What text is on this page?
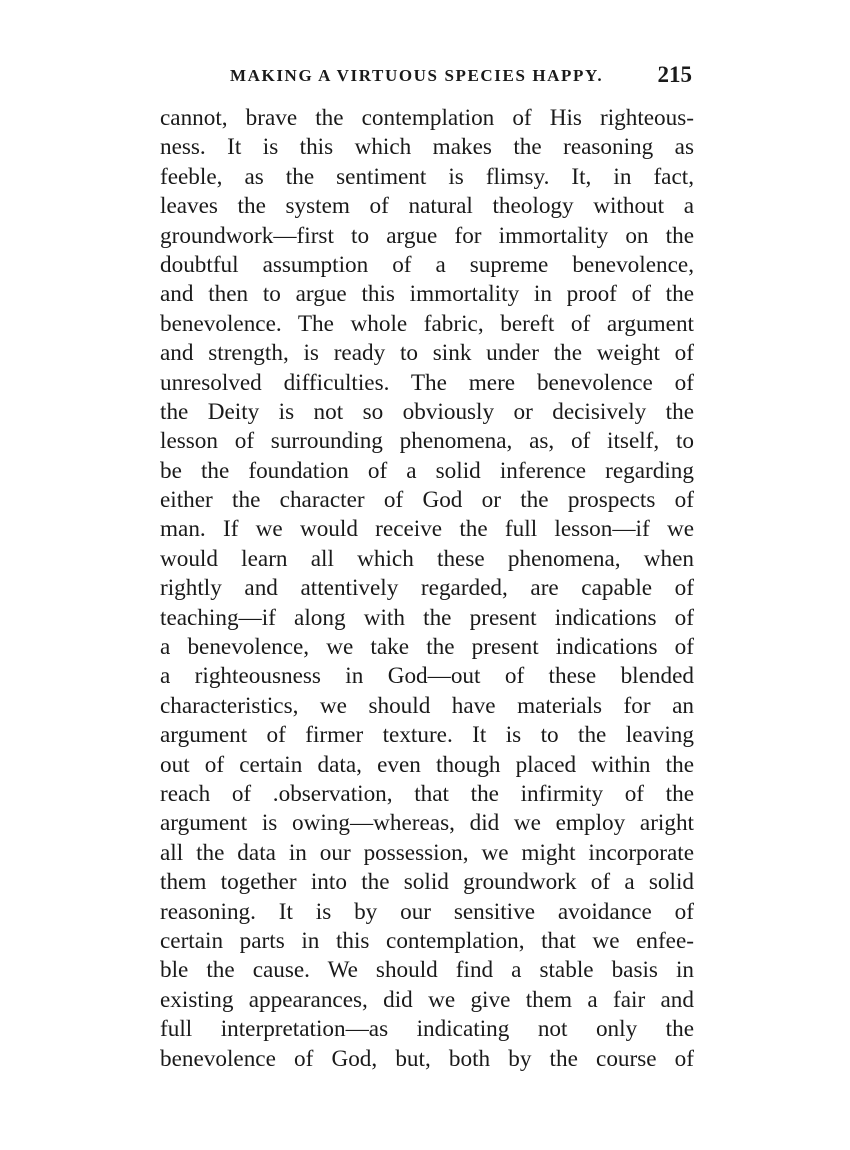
MAKING A VIRTUOUS SPECIES HAPPY. 215
cannot, brave the contemplation of His righteous-
ness. It is this which makes the reasoning as
feeble, as the sentiment is flimsy. It, in fact,
leaves the system of natural theology without a
groundwork—first to argue for immortality on the
doubtful assumption of a supreme benevolence,
and then to argue this immortality in proof of the
benevolence. The whole fabric, bereft of argument
and strength, is ready to sink under the weight of
unresolved difficulties. The mere benevolence of
the Deity is not so obviously or decisively the
lesson of surrounding phenomena, as, of itself, to
be the foundation of a solid inference regarding
either the character of God or the prospects of
man. If we would receive the full lesson—if we
would learn all which these phenomena, when
rightly and attentively regarded, are capable of
teaching—if along with the present indications of
a benevolence, we take the present indications of
a righteousness in God—out of these blended
characteristics, we should have materials for an
argument of firmer texture. It is to the leaving
out of certain data, even though placed within the
reach of .observation, that the infirmity of the
argument is owing—whereas, did we employ aright
all the data in our possession, we might incorporate
them together into the solid groundwork of a solid
reasoning. It is by our sensitive avoidance of
certain parts in this contemplation, that we enfee-
ble the cause. We should find a stable basis in
existing appearances, did we give them a fair and
full interpretation—as indicating not only the
benevolence of God, but, both by the course of
